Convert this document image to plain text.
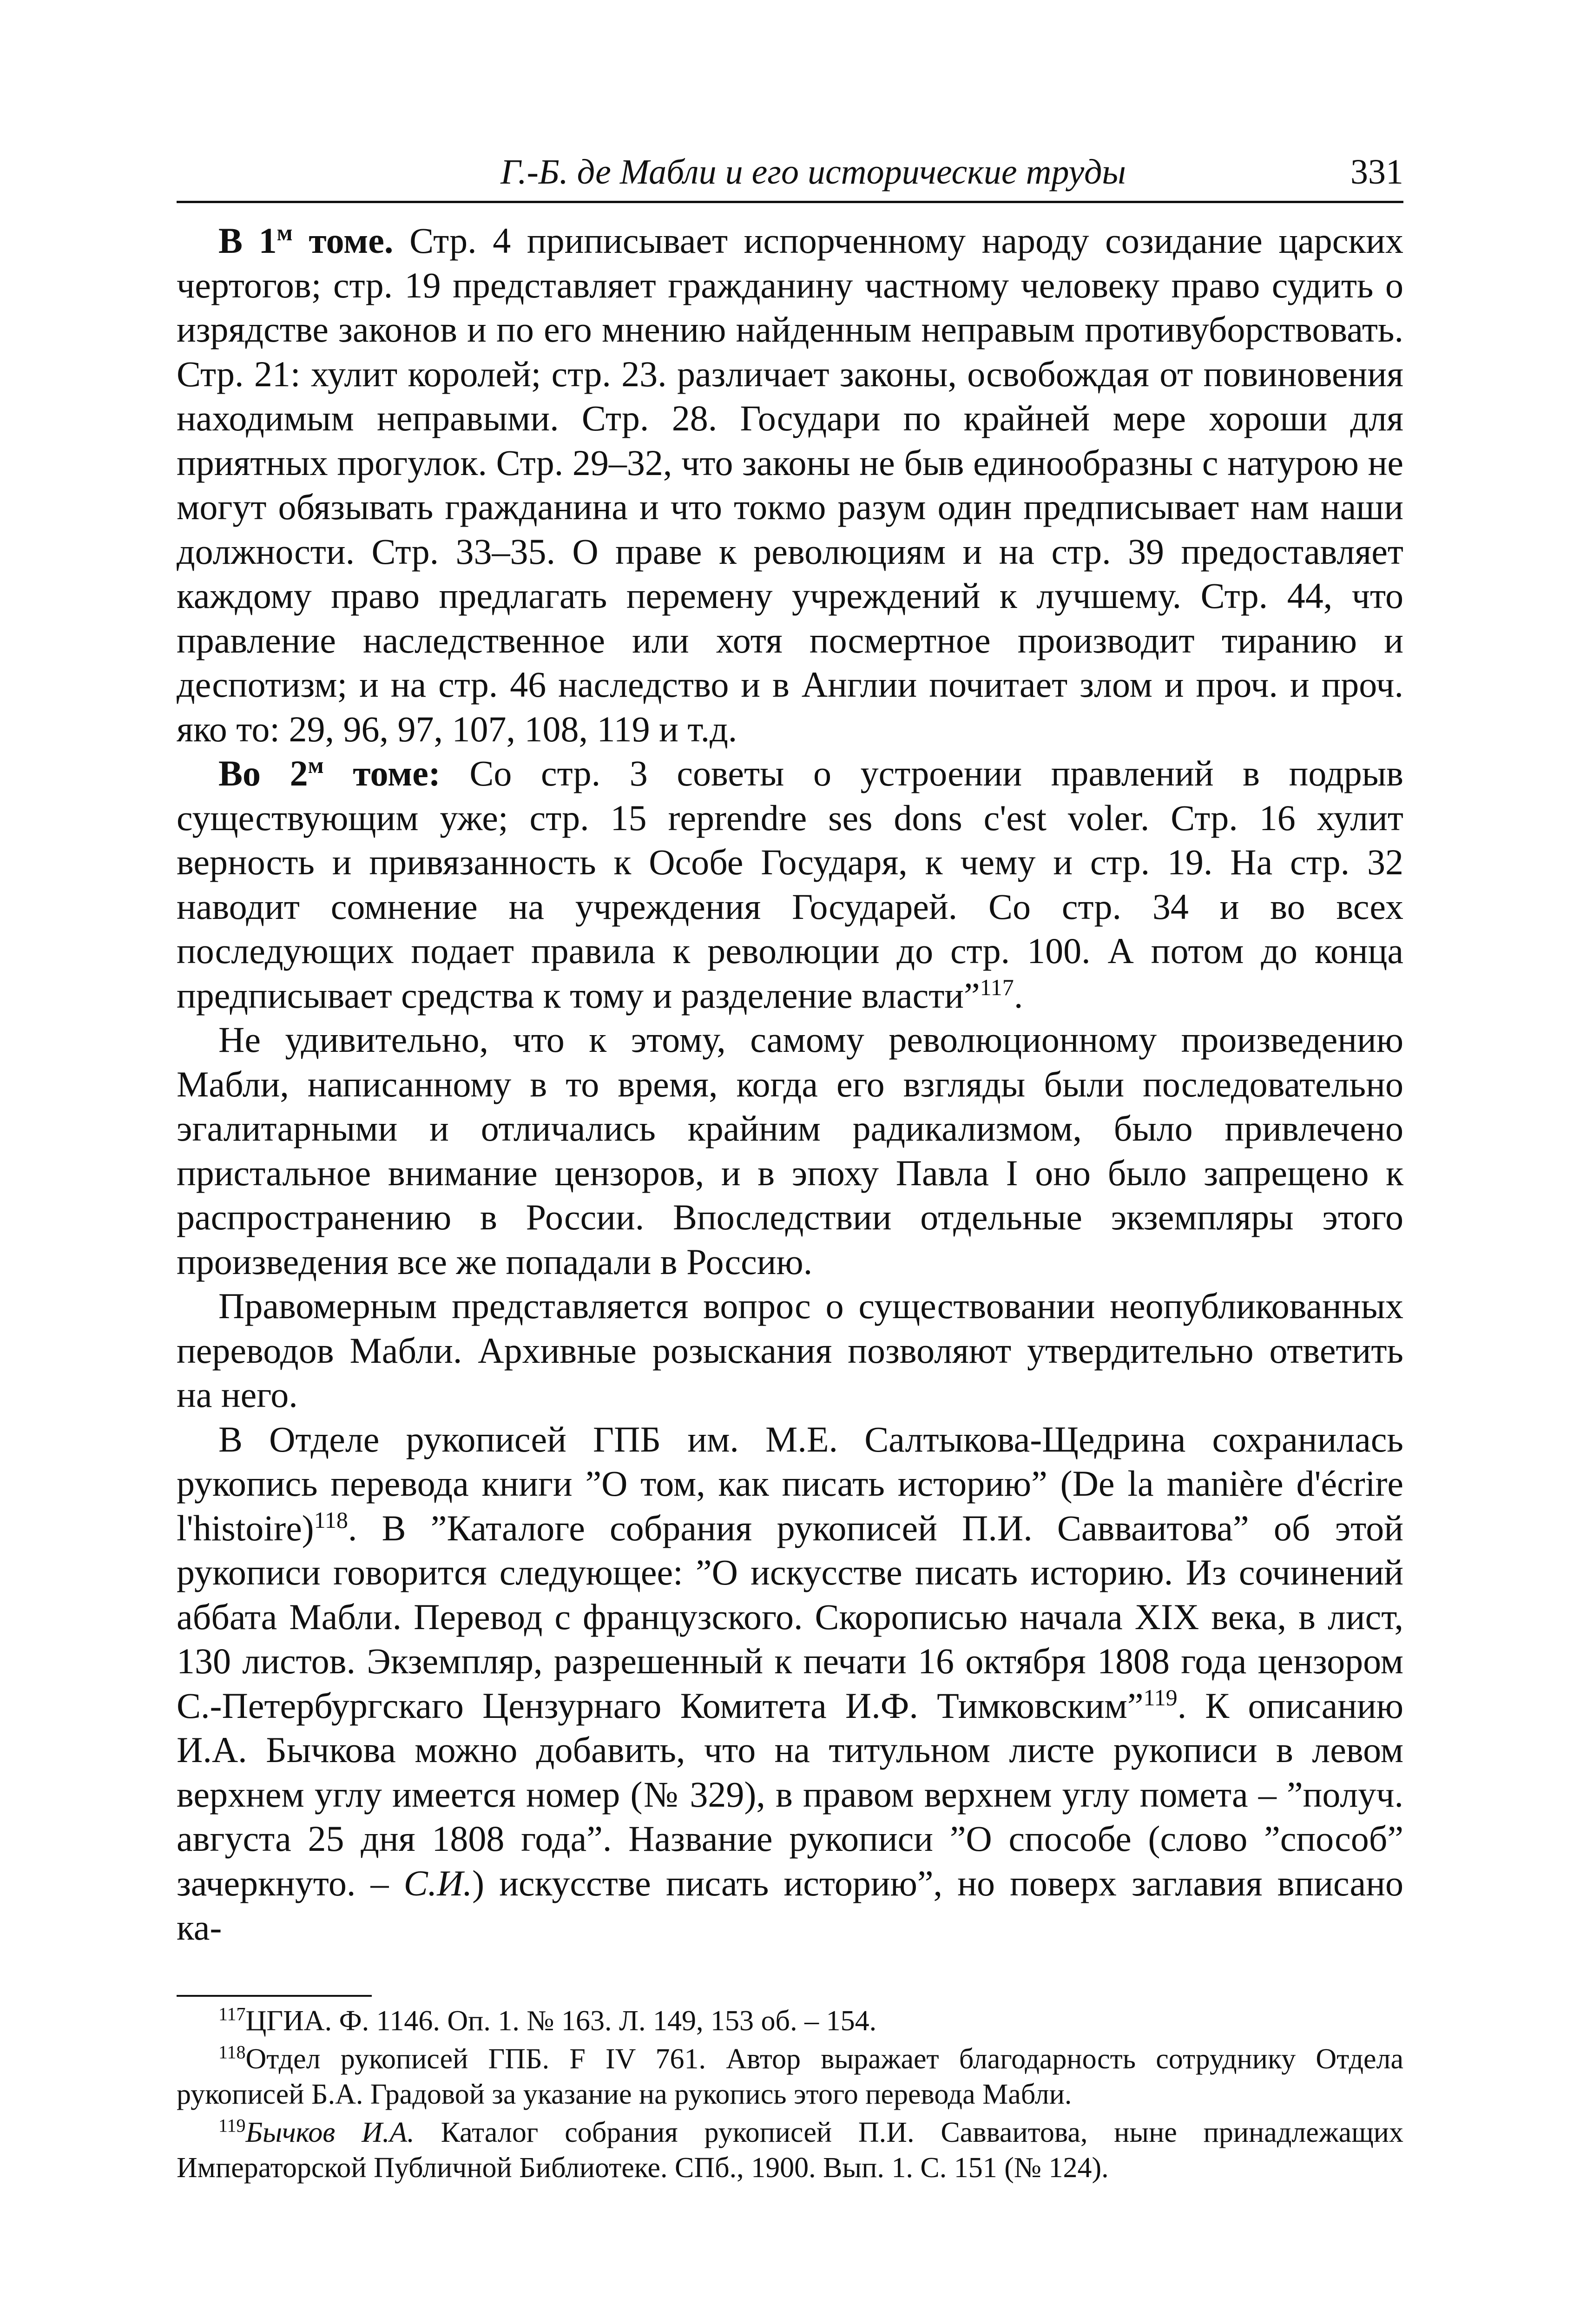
Г.-Б. де Мабли и его исторические труды	331

В $1^м$ томе. Стр. 4 приписывает испорченному народу созидание царских чертогов; стр. 19 представляет гражданину частному человеку право судить о изрядстве законов и по его мнению найденным неправым противуборствовать. Стр. 21: хулит королей; стр. 23. различает законы, освобождая от повиновения находимым неправыми. Стр. 28. Государи по крайней мере хороши для приятных прогулок. Стр. 29–32, что законы не быв единообразны с натурою не могут обязывать гражданина и что токмо разум один предписывает нам наши должности. Стр. 33–35. О праве к революциям и на стр. 39 предоставляет каждому право предлагать перемену учреждений к лучшему. Стр. 44, что правление наследственное или хотя посмертное производит тиранию и деспотизм; и на стр. 46 наследство и в Англии почитает злом и проч. и проч. яко то: 29, 96, 97, 107, 108, 119 и т.д.

Во $2^м$ томе: Со стр. 3 советы о устроении правлений в подрыв существующим уже; стр. 15 reprendre ses dons c'est voler. Стр. 16 хулит верность и привязанность к Особе Государя, к чему и стр. 19. На стр. 32 наводит сомнение на учреждения Государей. Со стр. 34 и во всех последующих подает правила к революции до стр. 100. А потом до конца предписывает средства к тому и разделение власти”$^{117}$.

Не удивительно, что к этому, самому революционному произведению Мабли, написанному в то время, когда его взгляды были последовательно эгалитарными и отличались крайним радикализмом, было привлечено пристальное внимание цензоров, и в эпоху Павла I оно было запрещено к распространению в России. Впоследствии отдельные экземпляры этого произведения все же попадали в Россию.

Правомерным представляется вопрос о существовании неопубликованных переводов Мабли. Архивные розыскания позволяют утвердительно ответить на него.

В Отделе рукописей ГПБ им. М.Е. Салтыкова-Щедрина сохранилась рукопись перевода книги ”О том, как писать историю” (De la manière d'écrire l'histoire)$^{118}$. В ”Каталоге собрания рукописей П.И. Савваитова” об этой рукописи говорится следующее: ”О искусстве писать историю. Из сочинений аббата Мабли. Перевод с французского. Скорописью начала XIX века, в лист, 130 листов. Экземпляр, разрешенный к печати 16 октября 1808 года цензором С.-Петербургскаго Цензурнаго Комитета И.Ф. Тимковским”$^{119}$. К описанию И.А. Бычкова можно добавить, что на титульном листе рукописи в левом верхнем углу имеется номер (№ 329), в правом верхнем углу помета – ”получ. августа 25 дня 1808 года”. Название рукописи ”О способе (слово ”способ” зачеркнуто. – С.И.) искусстве писать историю”, но поверх заглавия вписано ка-

$^{117}$ЦГИА. Ф. 1146. Оп. 1. № 163. Л. 149, 153 об. – 154.

$^{118}$Отдел рукописей ГПБ. F IV 761. Автор выражает благодарность сотруднику Отдела рукописей Б.А. Градовой за указание на рукопись этого перевода Мабли.

$^{119}$Бычков И.А. Каталог собрания рукописей П.И. Савваитова, ныне принадлежащих Императорской Публичной Библиотеке. СПб., 1900. Вып. 1. С. 151 (№ 124).
